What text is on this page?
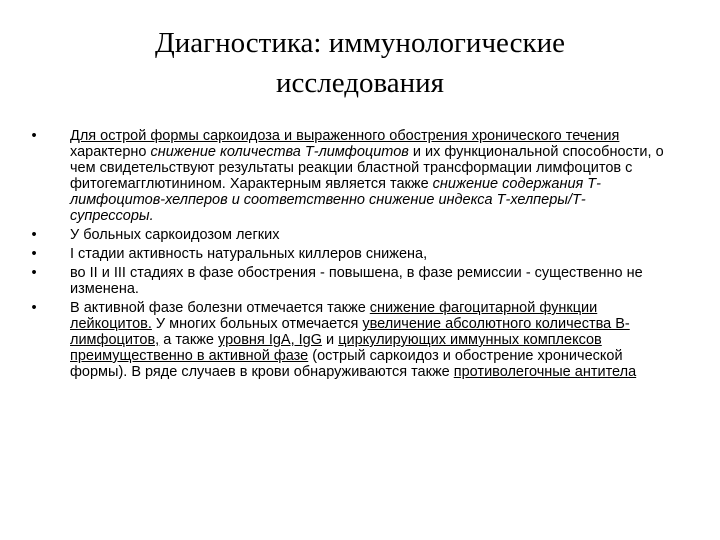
Диагностика: иммунологические
исследования
•	Для острой формы саркоидоза и выраженного обострения хронического течения характерно снижение количества Т-лимфоцитов и их функциональной способности, о чем свидетельствуют результаты реакции бластной трансформации лимфоцитов с фитогемагглютинином. Характерным является также снижение содержания Т-лимфоцитов-хелперов и соответственно снижение индекса Т-хелперы/Т-супрессоры.
•	У больных саркоидозом легких
•	I стадии активность натуральных киллеров снижена,
•	во II и III стадиях в фазе обострения - повышена, в фазе ремиссии - существенно не изменена.
•	В активной фазе болезни отмечается также снижение фагоцитарной функции лейкоцитов. У многих больных отмечается увеличение абсолютного количества В-лимфоцитов, а также уровня IgA, IgG и циркулирующих иммунных комплексов преимущественно в активной фазе (острый саркоидоз и обострение хронической формы). В ряде случаев в крови обнаруживаются также противолегочные антитела
